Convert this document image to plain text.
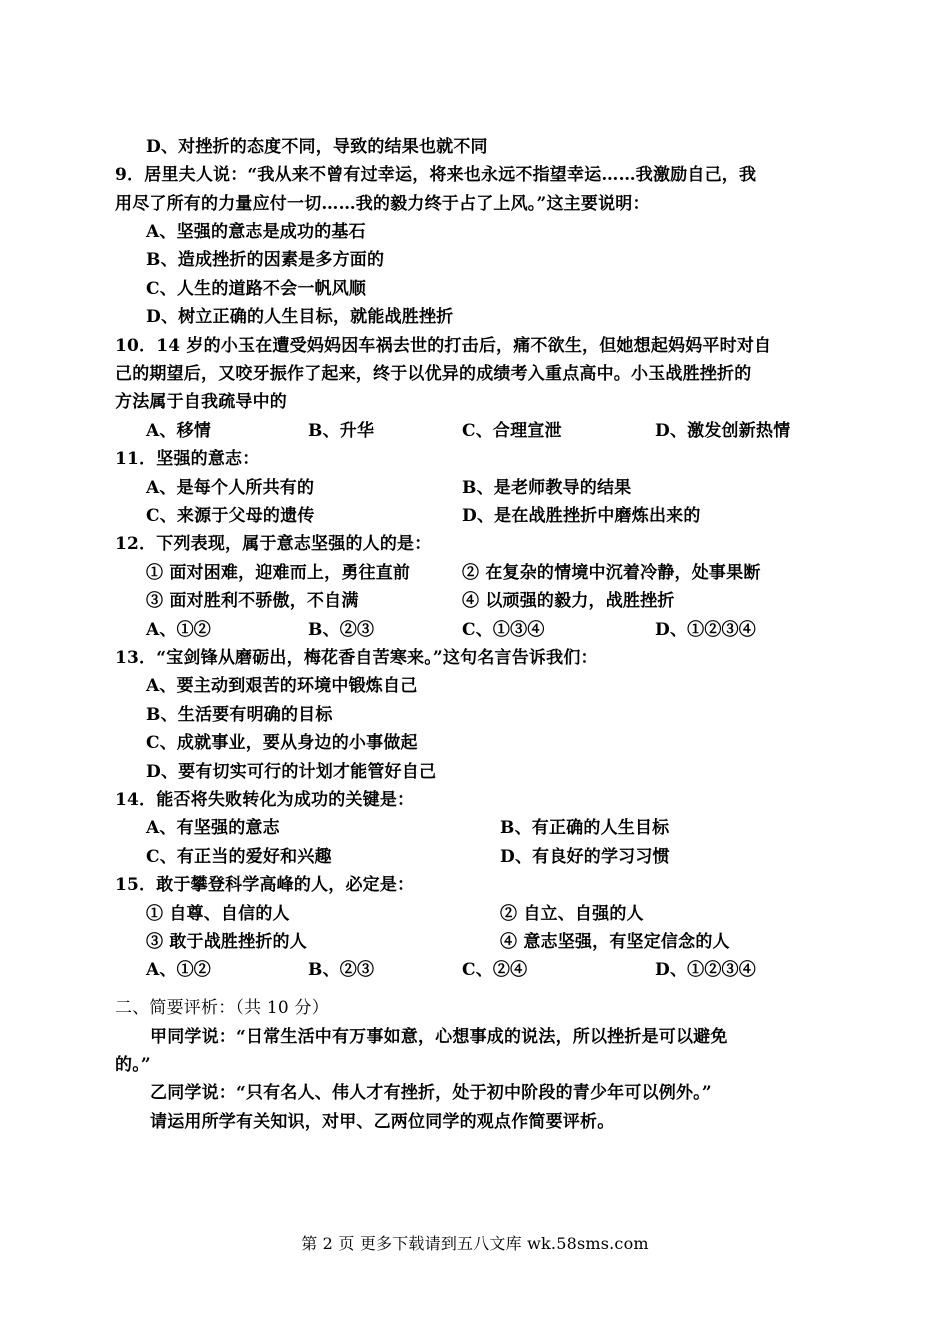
D、对挫折的态度不同，导致的结果也就不同
9．居里夫人说：“我从来不曾有过幸运，将来也永远不指望幸运……我激励自己，我
用尽了所有的力量应付一切……我的毅力终于占了上风。”这主要说明：
A、坚强的意志是成功的基石
B、造成挫折的因素是多方面的
C、人生的道路不会一帆风顺
D、树立正确的人生目标，就能战胜挫折
10．14 岁的小玉在遭受妈妈因车祸去世的打击后，痛不欲生，但她想起妈妈平时对自
己的期望后，又咬牙振作了起来，终于以优异的成绩考入重点高中。小玉战胜挫折的
方法属于自我疏导中的
A、移情	B、升华	C、合理宣泄	D、激发创新热情
11．坚强的意志：
A、是每个人所共有的	B、是老师教导的结果
C、来源于父母的遗传	D、是在战胜挫折中磨炼出来的
12．下列表现，属于意志坚强的人的是：
① 面对困难，迎难而上，勇往直前	② 在复杂的情境中沉着冷静，处事果断
③ 面对胜利不骄傲，不自满	④ 以顽强的毅力，战胜挫折
A、①②	B、②③	C、①③④	D、①②③④
13．“宝剑锋从磨砺出，梅花香自苦寒来。”这句名言告诉我们：
A、要主动到艰苦的环境中锻炼自己
B、生活要有明确的目标
C、成就事业，要从身边的小事做起
D、要有切实可行的计划才能管好自己
14．能否将失败转化为成功的关键是：
A、有坚强的意志	B、有正确的人生目标
C、有正当的爱好和兴趣	D、有良好的学习习惯
15．敢于攀登科学高峰的人，必定是：
① 自尊、自信的人	② 自立、自强的人
③ 敢于战胜挫折的人	④ 意志坚强，有坚定信念的人
A、①②	B、②③	C、②④	D、①②③④
二、简要评析：（共 10 分）
甲同学说：“日常生活中有万事如意，心想事成的说法，所以挫折是可以避免
的。”
乙同学说：“只有名人、伟人才有挫折，处于初中阶段的青少年可以例外。”
请运用所学有关知识，对甲、乙两位同学的观点作简要评析。
第 2 页 更多下载请到五八文库 wk.58sms.com
